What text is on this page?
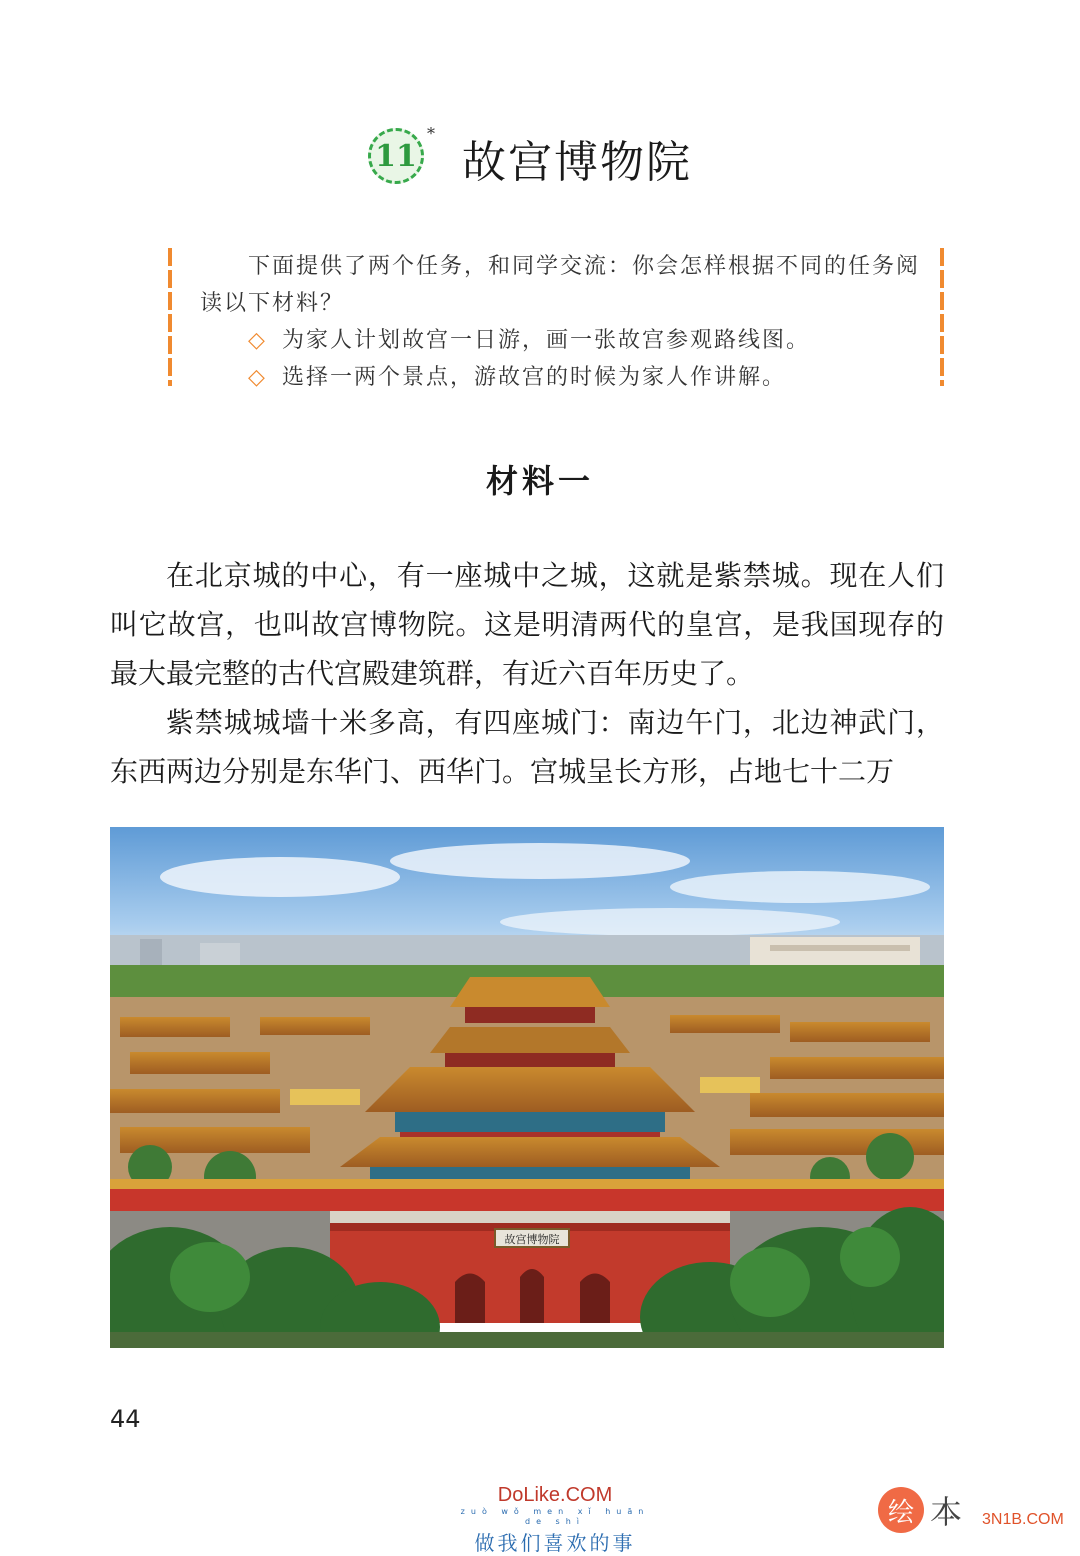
11
*
故宫博物院
下面提供了两个任务，和同学交流：你会怎样根据不同的任务阅读以下材料？
◇ 为家人计划故宫一日游，画一张故宫参观路线图。
◇ 选择一两个景点，游故宫的时候为家人作讲解。
材料一

在北京城的中心，有一座城中之城，这就是紫禁城。现在人们叫它故宫，也叫故宫博物院。这是明清两代的皇宫，是我国现存的最大最完整的古代宫殿建筑群，有近六百年历史了。

紫禁城城墙十米多高，有四座城门：南边午门，北边神武门，东西两边分别是东华门、西华门。宫城呈长方形，占地七十二万

故宫博物院
44
DoLike.COM
zuò wǒ men xǐ huān de shì
做我们喜欢的事
绘 本 3N1B.COM
